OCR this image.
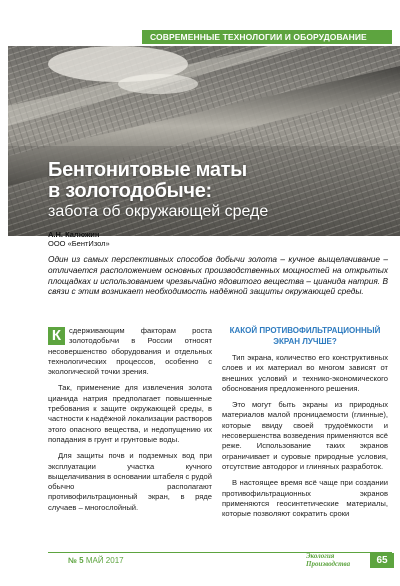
СОВРЕМЕННЫЕ ТЕХНОЛОГИИ И ОБОРУДОВАНИЕ
Бентонитовые маты
в золотодобыче:
забота об окружающей среде
А.Н. Калюжин
ООО «БентИзол»
Один из самых перспективных способов добычи золота – кучное выщелачивание – отличается расположением основных производственных мощностей на открытых площадках и использованием чрезвычайно ядовитого вещества – цианида натрия. В связи с этим возникает необходимость надёжной защиты окружающей среды.

К	сдерживающим факторам роста золотодобычи в России относят несовершенство оборудования и отдельных технологических процессов, особенно с экологической точки зрения.

Так, применение для извлечения золота цианида натрия предполагает повышенные требования к защите окружающей среды, в частности к надёжной локализации растворов этого опасного вещества, и недопущению их попадания в грунт и грунтовые воды.

Для защиты почв и подземных вод при эксплуатации участка кучного выщелачивания в основании штабеля с рудой обычно располагают противофильтрационный экран, в ряде случаев – многослойный.

КАКОЙ ПРОТИВОФИЛЬТРАЦИОННЫЙ ЭКРАН ЛУЧШЕ?

Тип экрана, количество его конструктивных слоев и их материал во многом зависят от внешних условий и технико-экономического обоснования предложенного решения.

Это могут быть экраны из природных материалов малой проницаемости (глинные), которые ввиду своей трудоёмкости и несовершенства возведения применяются всё реже. Использование таких экранов ограничивает и суровые природные условия, отсутствие автодорог и глиняных разработок.

В настоящее время всё чаще при создании противофильтрационных экранов применяются геосинтетические материалы, которые позволяют сократить сроки

№ 5 МАЙ 2017	Экология
Производства	65
